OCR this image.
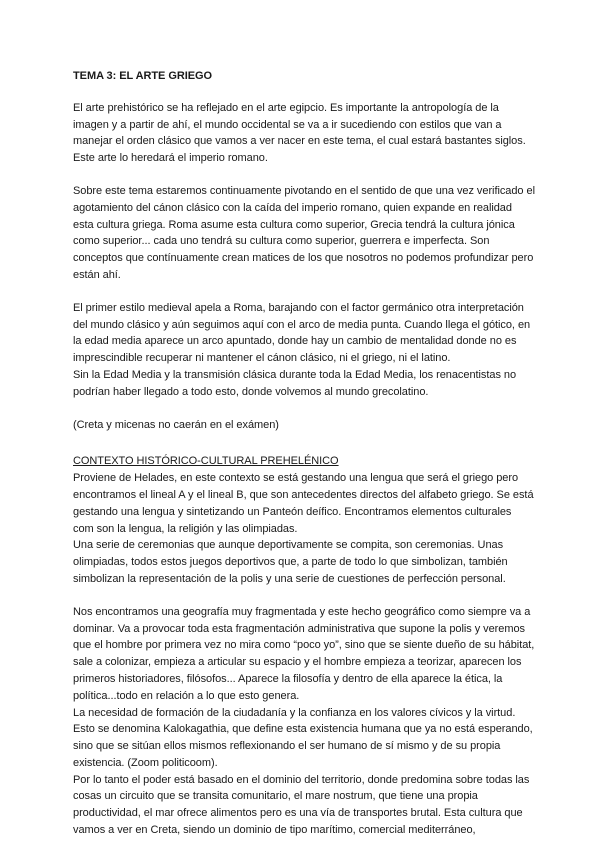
TEMA 3: EL ARTE GRIEGO

El arte prehistórico se ha reflejado en el arte egipcio. Es importante la antropología de la imagen y a partir de ahí, el mundo occidental se va a ir sucediendo con estilos que van a manejar el orden clásico que vamos a ver nacer en este tema, el cual estará bastantes siglos. Este arte lo heredará el imperio romano.

Sobre este tema estaremos continuamente pivotando en el sentido de que una vez verificado el agotamiento del cánon clásico con la caída del imperio romano, quien expande en realidad esta cultura griega. Roma asume esta cultura como superior, Grecia tendrá la cultura jónica como superior... cada uno tendrá su cultura como superior, guerrera e imperfecta. Son conceptos que contínuamente crean matices de los que nosotros no podemos profundizar pero están ahí.

El primer estilo medieval apela a Roma, barajando con el factor germánico otra interpretación del mundo clásico y aún seguimos aquí con el arco de media punta. Cuando llega el gótico, en la edad media aparece un arco apuntado, donde hay un cambio de mentalidad donde no es imprescindible recuperar ni mantener el cánon clásico, ni el griego, ni el latino.

Sin la Edad Media y la transmisión clásica durante toda la Edad Media, los renacentistas no podrían haber llegado a todo esto, donde volvemos al mundo grecolatino.

(Creta y micenas no caerán en el exámen)

CONTEXTO HISTÓRICO-CULTURAL PREHELÉNICO

Proviene de Helades, en este contexto se está gestando una lengua que será el griego pero encontramos el lineal A y el lineal B, que son antecedentes directos del alfabeto griego. Se está gestando una lengua y sintetizando un Panteón deífico. Encontramos elementos culturales com son la lengua, la religión y las olimpiadas.

Una serie de ceremonias que aunque deportivamente se compita, son ceremonias. Unas olimpiadas, todos estos juegos deportivos que, a parte de todo lo que simbolizan, también simbolizan la representación de la polis y una serie de cuestiones de perfección personal.

Nos encontramos una geografía muy fragmentada y este hecho geográfico como siempre va a dominar. Va a provocar toda esta fragmentación administrativa que supone la polis y veremos que el hombre por primera vez no mira como “poco yo”, sino que se siente dueño de su hábitat, sale a colonizar, empieza a articular su espacio y el hombre empieza a teorizar, aparecen los primeros historiadores, filósofos... Aparece la filosofía y dentro de ella aparece la ética, la política...todo en relación a lo que esto genera.

La necesidad de formación de la ciudadanía y la confianza en los valores cívicos y la virtud. Esto se denomina Kalokagathia, que define esta existencia humana que ya no está esperando, sino que se sitúan ellos mismos reflexionando el ser humano de sí mismo y de su propia existencia. (Zoom politicoom).

Por lo tanto el poder está basado en el dominio del territorio, donde predomina sobre todas las cosas un circuito que se transita comunitario, el mare nostrum, que tiene una propia productividad, el mar ofrece alimentos pero es una vía de transportes brutal. Esta cultura que vamos a ver en Creta, siendo un dominio de tipo marítimo, comercial mediterráneo,
